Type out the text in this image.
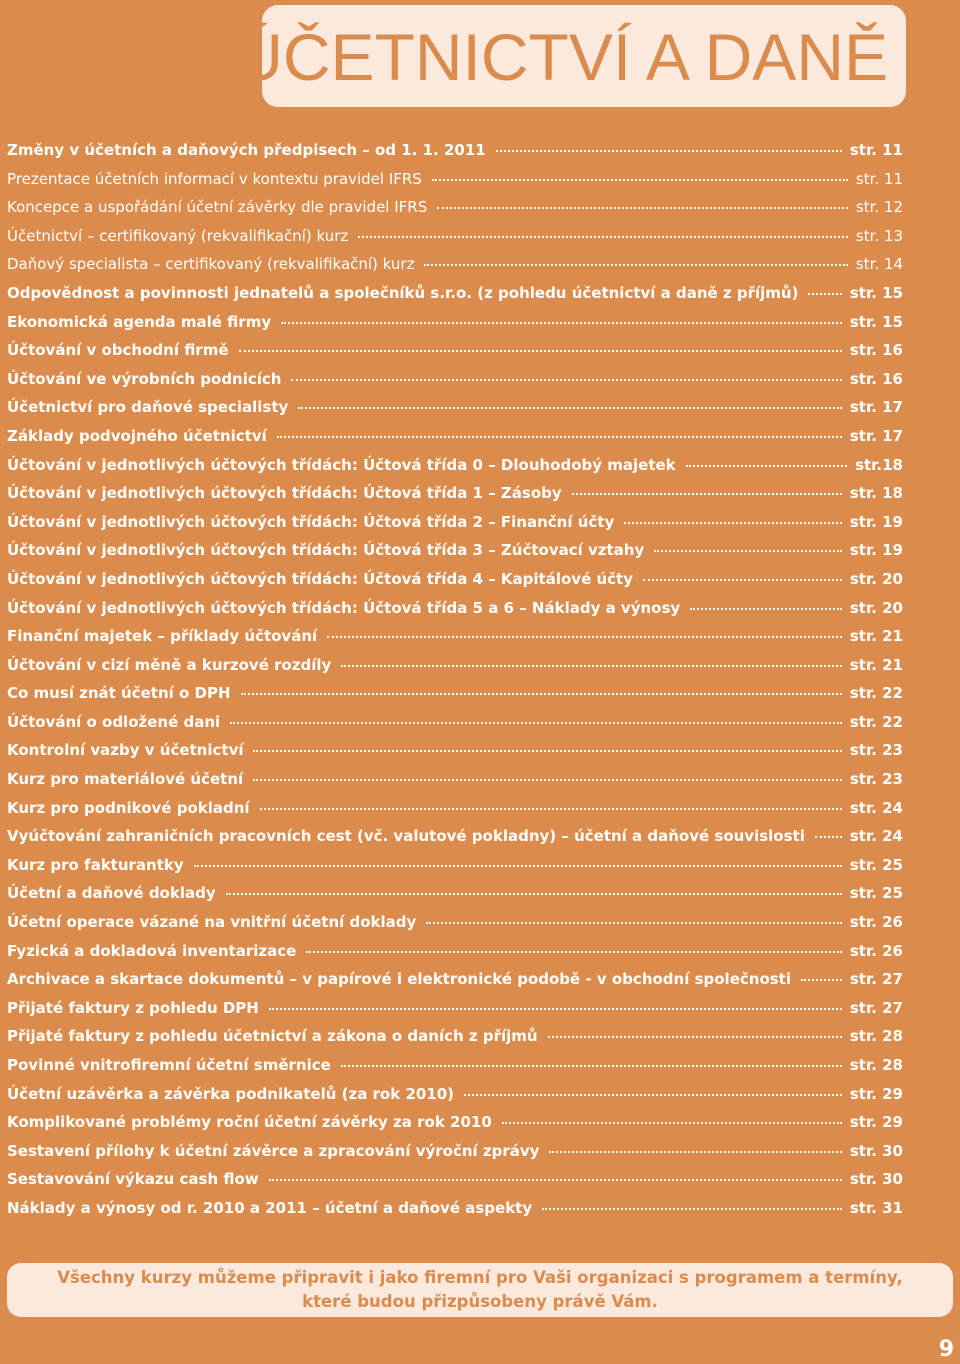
ÚČETNICTVÍ A DANĚ
Změny v účetních a daňových předpisech – od 1. 1. 2011	str. 11
Prezentace účetních informací v kontextu pravidel IFRS	str. 11
Koncepce a uspořádání účetní závěrky dle pravidel IFRS	str. 12
Účetnictví – certifikovaný (rekvalifikační) kurz	str. 13
Daňový specialista – certifikovaný (rekvalifikační) kurz	str. 14
Odpovědnost a povinnosti jednatelů a společníků s.r.o. (z pohledu účetnictví a daně z příjmů)	str. 15
Ekonomická agenda malé firmy	str. 15
Účtování v obchodní firmě	str. 16
Účtování ve výrobních podnicích	str. 16
Účetnictví pro daňové specialisty	str. 17
Základy podvojného účetnictví	str. 17
Účtování v jednotlivých účtových třídách: Účtová třída 0 – Dlouhodobý majetek	str.18
Účtování v jednotlivých účtových třídách: Účtová třída 1 – Zásoby	str. 18
Účtování v jednotlivých účtových třídách: Účtová třída 2 – Finanční účty	str. 19
Účtování v jednotlivých účtových třídách: Účtová třída 3 – Zúčtovací vztahy	str. 19
Účtování v jednotlivých účtových třídách: Účtová třída 4 – Kapitálové účty	str. 20
Účtování v jednotlivých účtových třídách: Účtová třída 5 a 6 – Náklady a výnosy	str. 20
Finanční majetek – příklady účtování	str. 21
Účtování v cizí měně a kurzové rozdíly	str. 21
Co musí znát účetní o DPH	str. 22
Účtování o odložené dani	str. 22
Kontrolní vazby v účetnictví	str. 23
Kurz pro materiálové účetní	str. 23
Kurz pro podnikové pokladní	str. 24
Vyúčtování zahraničních pracovních cest (vč. valutové pokladny) – účetní a daňové souvislosti	str. 24
Kurz pro fakturantky	str. 25
Účetní a daňové doklady	str. 25
Účetní operace vázané na vnitřní účetní doklady	str. 26
Fyzická a dokladová inventarizace	str. 26
Archivace a skartace dokumentů – v papírové i elektronické podobě - v obchodní společnosti	str. 27
Přijaté faktury z pohledu DPH	str. 27
Přijaté faktury z pohledu účetnictví a zákona o daních z příjmů	str. 28
Povinné vnitrofiremní účetní směrnice	str. 28
Účetní uzávěrka a závěrka podnikatelů (za rok 2010)	str. 29
Komplikované problémy roční účetní závěrky za rok 2010	str. 29
Sestavení přílohy k účetní závěrce a zpracování výroční zprávy	str. 30
Sestavování výkazu cash flow	str. 30
Náklady a výnosy od r. 2010 a 2011 – účetní a daňové aspekty	str. 31
Všechny kurzy můžeme připravit i jako firemní pro Vaši organizaci s programem a termíny,
které budou přizpůsobeny právě Vám.
9
